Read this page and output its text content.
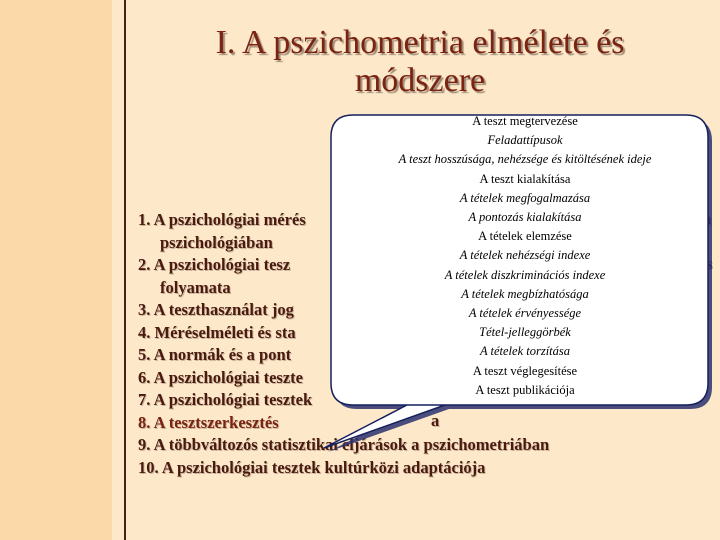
I. A pszichometria elmélete és
módszere
1. A pszichológiai mérés
pszichológiában
2. A pszichológiai tesz
folyamata
3. A teszthasználat jog
4. Méréselméleti és sta
5. A normák és a pont
6. A pszichológiai teszte
7. A pszichológiai tesztek
8. A tesztszerkesztés
9. A többváltozós statisztikai eljárások a pszichometriában
10. A pszichológiai tesztek kultúrközi adaptációja
a
A teszt megtervezése
Feladattípusok
A teszt hosszúsága, nehézsége és kitöltésének ideje
A teszt kialakítása
A tételek megfogalmazása
A pontozás kialakítása
A tételek elemzése
A tételek nehézségi indexe
A tételek diszkriminációs indexe
A tételek megbízhatósága
A tételek érvényessége
Tétel-jelleggörbék
A tételek torzítása
A teszt véglegesítése
A teszt publikációja
